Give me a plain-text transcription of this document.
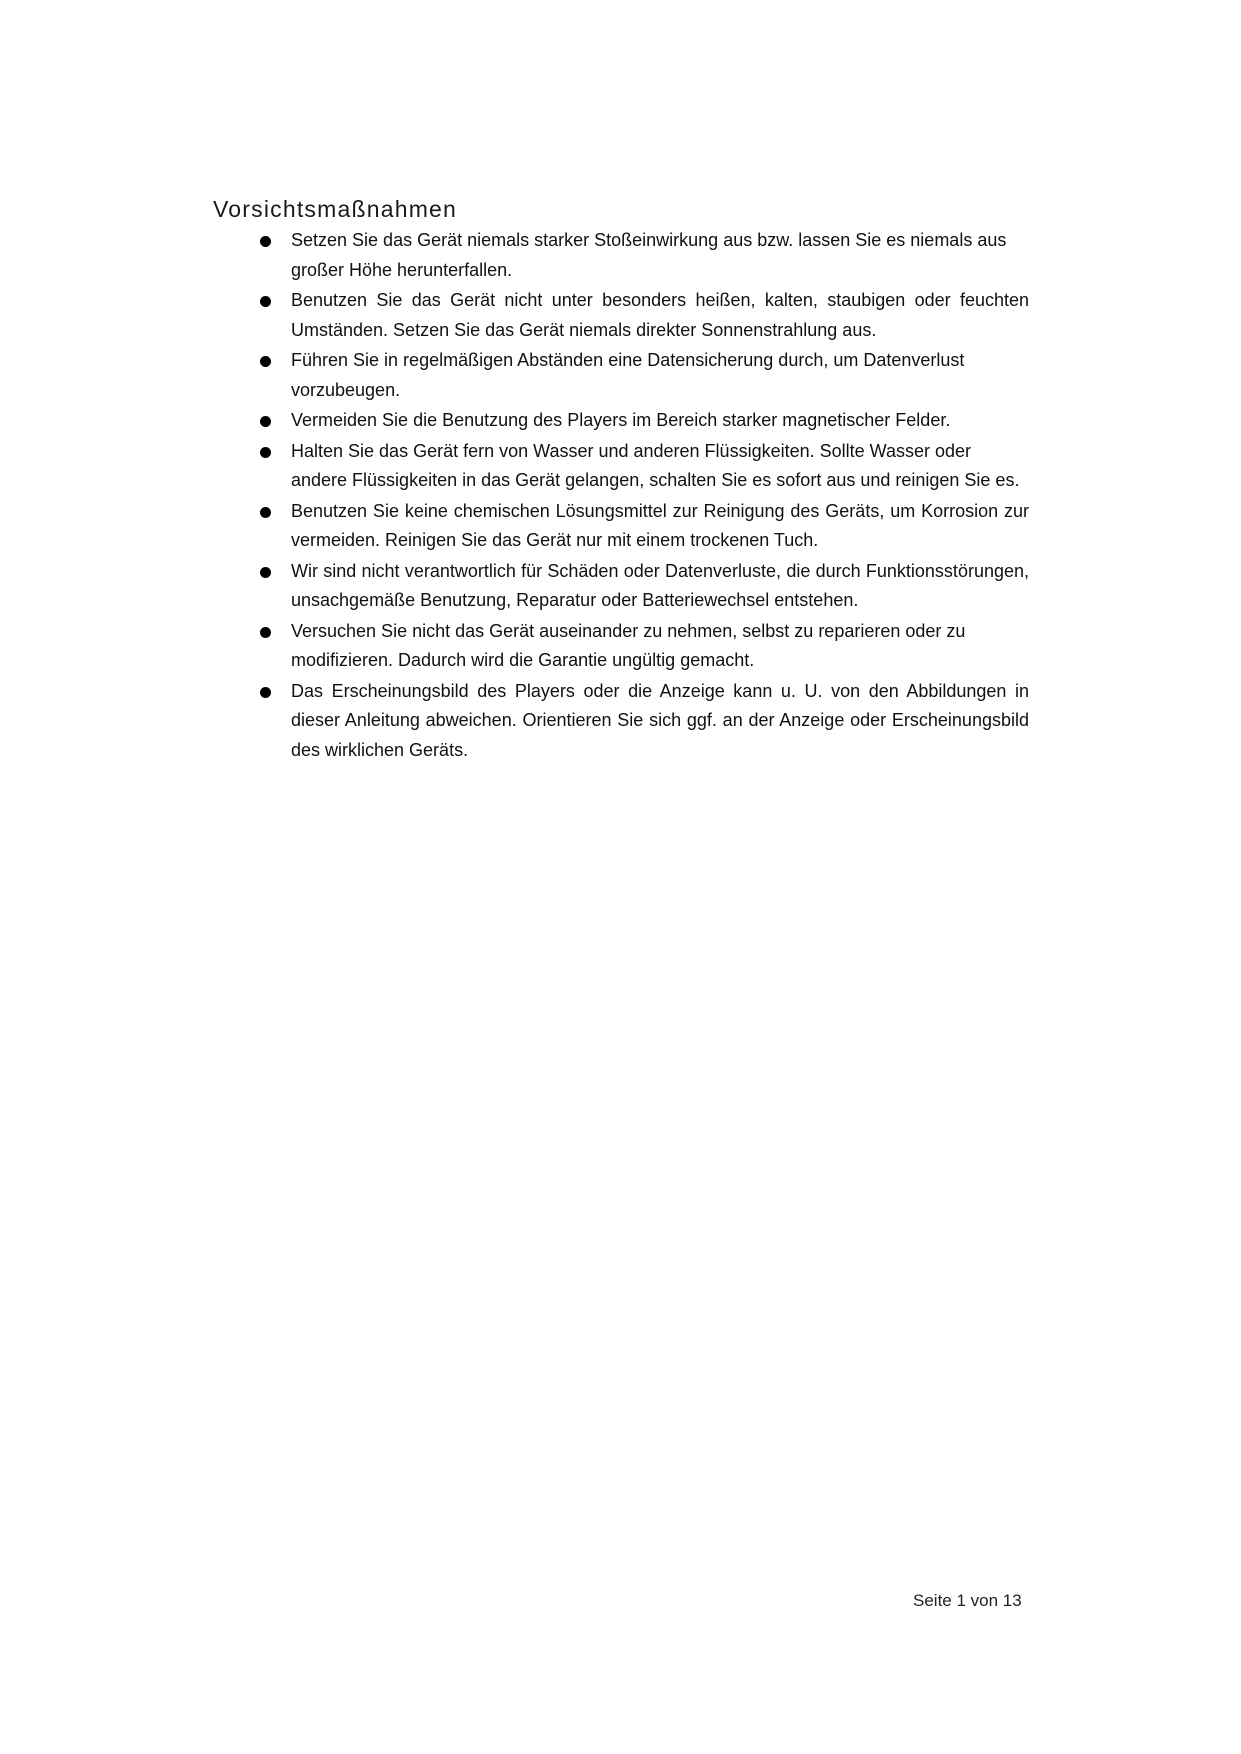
Vorsichtsmaßnahmen
Setzen Sie das Gerät niemals starker Stoßeinwirkung aus bzw. lassen Sie es niemals aus großer Höhe herunterfallen.
Benutzen Sie das Gerät nicht unter besonders heißen, kalten, staubigen oder feuchten Umständen. Setzen Sie das Gerät niemals direkter Sonnenstrahlung aus.
Führen Sie in regelmäßigen Abständen eine Datensicherung durch, um Datenverlust vorzubeugen.
Vermeiden Sie die Benutzung des Players im Bereich starker magnetischer Felder.
Halten Sie das Gerät fern von Wasser und anderen Flüssigkeiten. Sollte Wasser oder andere Flüssigkeiten in das Gerät gelangen, schalten Sie es sofort aus und reinigen Sie es.
Benutzen Sie keine chemischen Lösungsmittel zur Reinigung des Geräts, um Korrosion zur vermeiden. Reinigen Sie das Gerät nur mit einem trockenen Tuch.
Wir sind nicht verantwortlich für Schäden oder Datenverluste, die durch Funktionsstörungen, unsachgemäße Benutzung, Reparatur oder Batteriewechsel entstehen.
Versuchen Sie nicht das Gerät auseinander zu nehmen, selbst zu reparieren oder zu modifizieren. Dadurch wird die Garantie ungültig gemacht.
Das Erscheinungsbild des Players oder die Anzeige kann u. U. von den Abbildungen in dieser Anleitung abweichen. Orientieren Sie sich ggf. an der Anzeige oder Erscheinungsbild des wirklichen Geräts.
Seite 1 von 13
